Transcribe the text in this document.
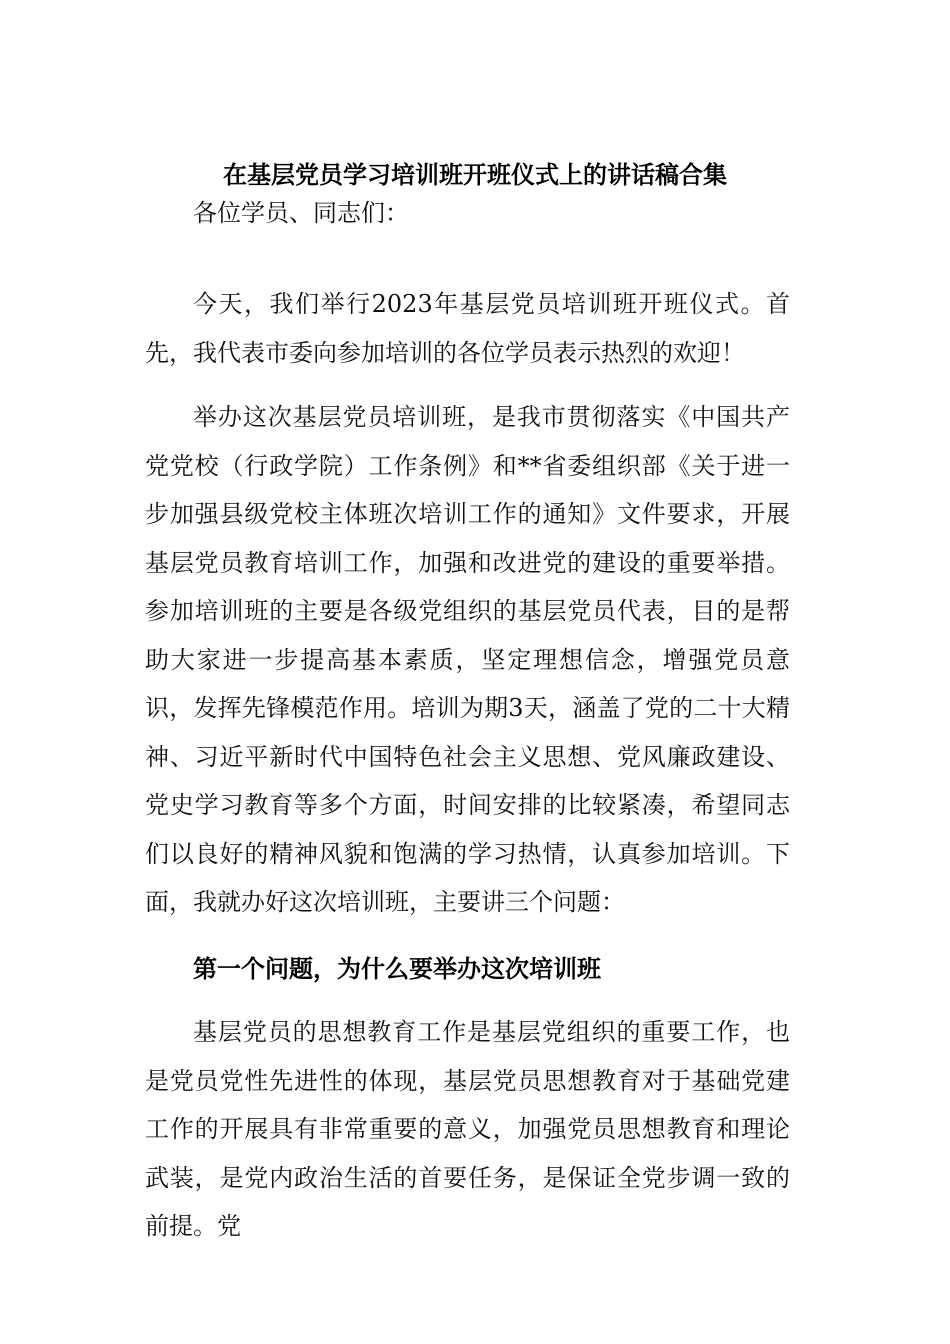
在基层党员学习培训班开班仪式上的讲话稿合集

各位学员、同志们：

今天，我们举行2023年基层党员培训班开班仪式。首先，我代表市委向参加培训的各位学员表示热烈的欢迎！

举办这次基层党员培训班，是我市贯彻落实《中国共产党党校（行政学院）工作条例》和**省委组织部《关于进一步加强县级党校主体班次培训工作的通知》文件要求，开展基层党员教育培训工作，加强和改进党的建设的重要举措。参加培训班的主要是各级党组织的基层党员代表，目的是帮助大家进一步提高基本素质，坚定理想信念，增强党员意识，发挥先锋模范作用。培训为期3天，涵盖了党的二十大精神、习近平新时代中国特色社会主义思想、党风廉政建设、党史学习教育等多个方面，时间安排的比较紧凑，希望同志们以良好的精神风貌和饱满的学习热情，认真参加培训。下面，我就办好这次培训班，主要讲三个问题：

第一个问题，为什么要举办这次培训班

基层党员的思想教育工作是基层党组织的重要工作，也是党员党性先进性的体现，基层党员思想教育对于基础党建工作的开展具有非常重要的意义，加强党员思想教育和理论武装，是党内政治生活的首要任务，是保证全党步调一致的前提。党
